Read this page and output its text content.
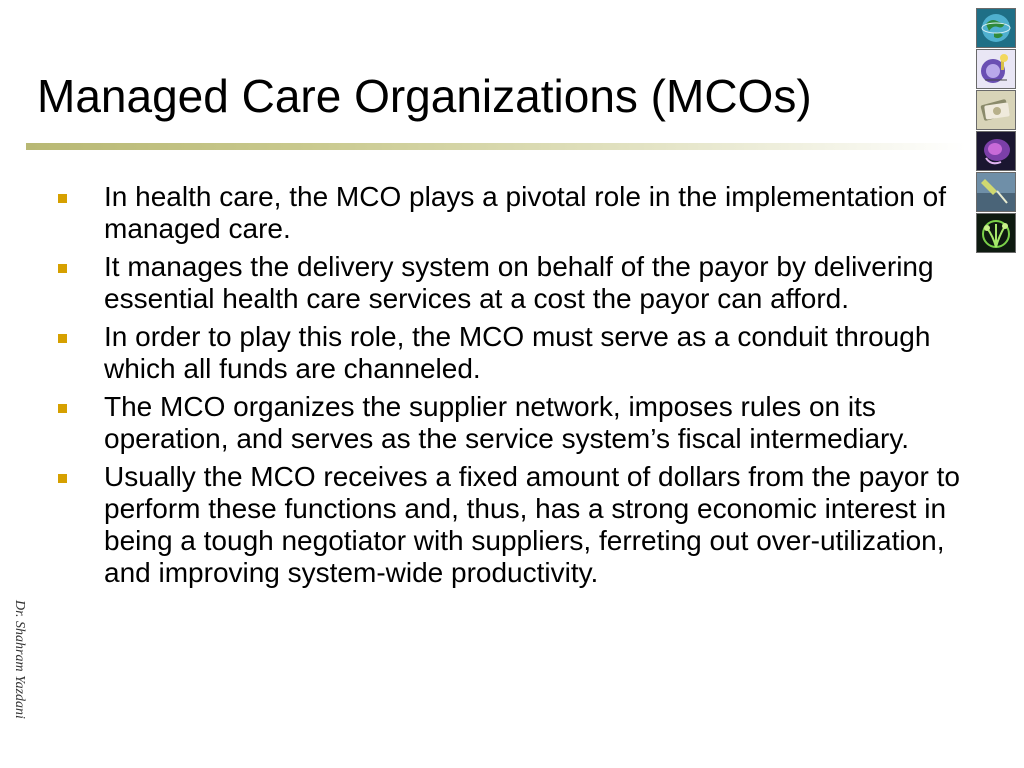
Managed Care Organizations (MCOs)
In health care, the MCO plays a pivotal role in the implementation of managed care.
It manages the delivery system on behalf of the payor by delivering essential health care services at a cost the payor can afford.
In order to play this role, the MCO must serve as a conduit through which all funds are channeled.
The MCO organizes the supplier network, imposes rules on its operation, and serves as the service system’s fiscal intermediary.
Usually the MCO receives a fixed amount of dollars from the payor to perform these functions and, thus, has a strong economic interest in being a tough negotiator with suppliers, ferreting out over-utilization, and improving system-wide productivity.
Dr. Shahram Yazdani
